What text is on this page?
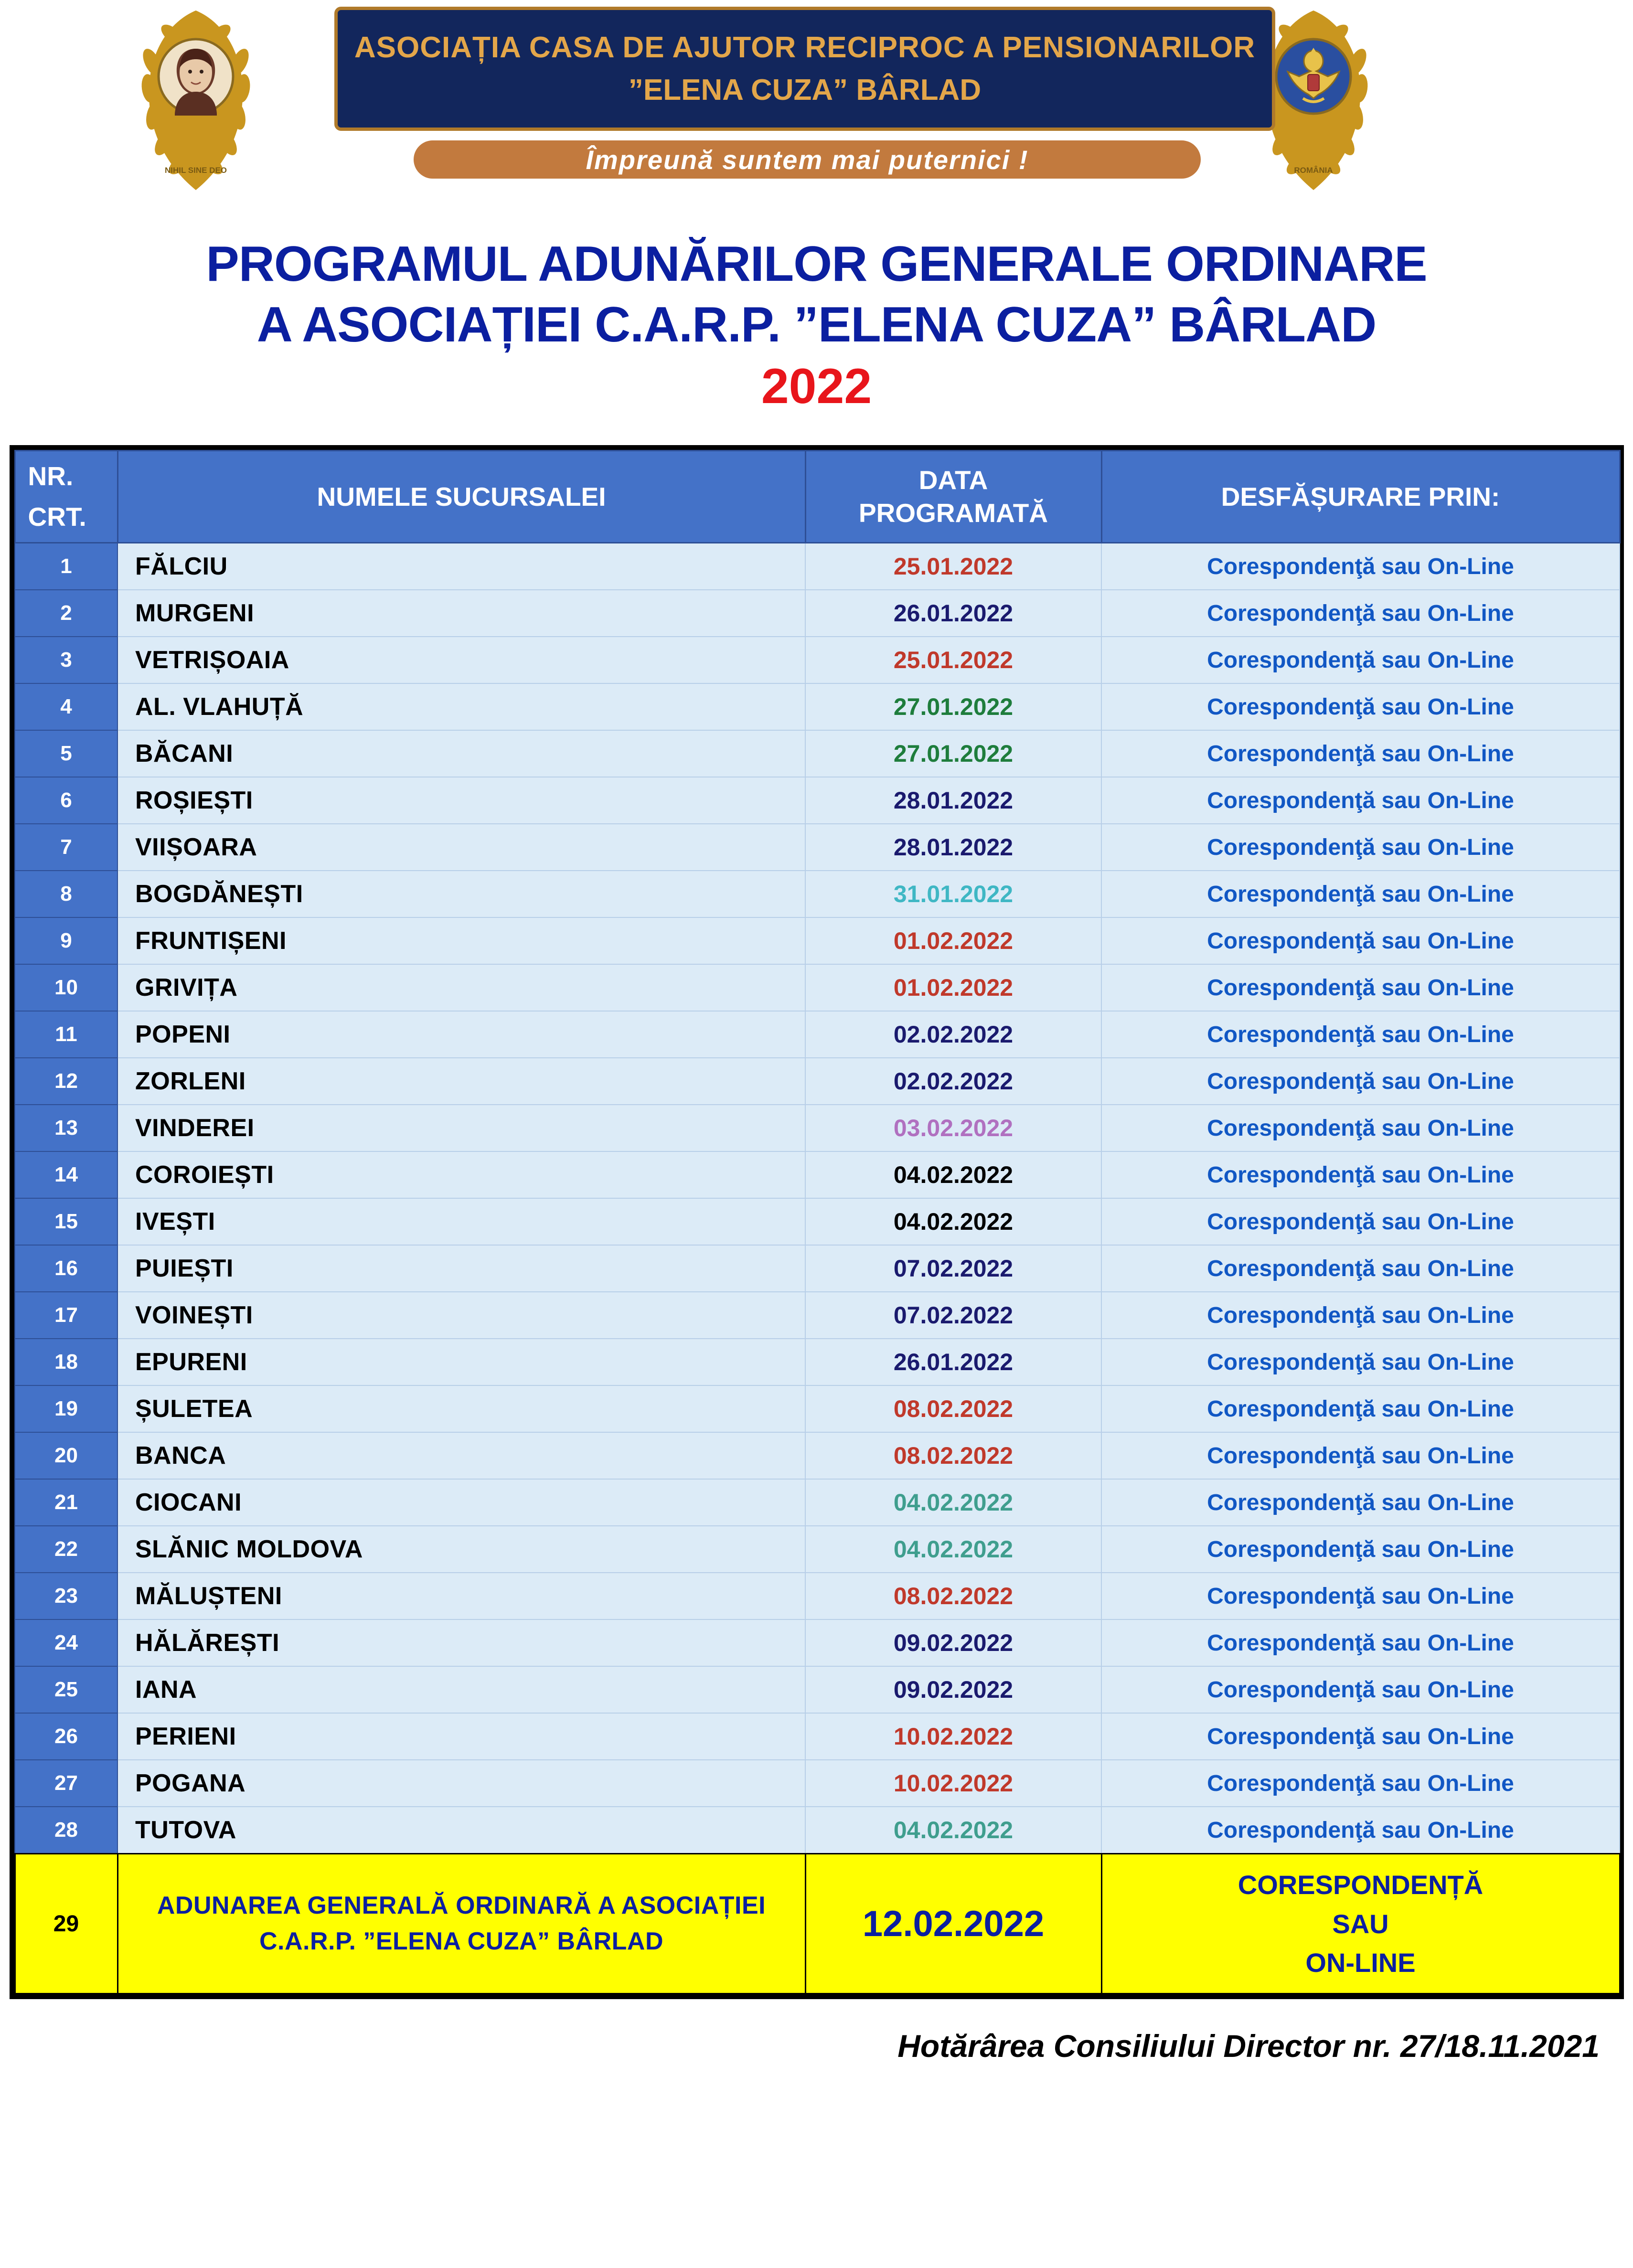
NIHIL SINE DEO	ROMÂNIA
ASOCIAȚIA CASA DE AJUTOR RECIPROC A PENSIONARILOR
”ELENA CUZA” BÂRLAD
Împreună suntem mai puternici !
PROGRAMUL ADUNĂRILOR GENERALE ORDINARE
A ASOCIAȚIEI C.A.R.P. ”ELENA CUZA” BÂRLAD
2022
NR.
CRT.
	NUMELE SUCURSALEI	
DATA
PROGRAMATĂ
	DESFĂȘURARE PRIN:
1	FĂLCIU	25.01.2022	Corespondenţă sau On-Line
2	MURGENI	26.01.2022	Corespondenţă sau On-Line
3	VETRIȘOAIA	25.01.2022	Corespondenţă sau On-Line
4	AL. VLAHUȚĂ	27.01.2022	Corespondenţă sau On-Line
5	BĂCANI	27.01.2022	Corespondenţă sau On-Line
6	ROȘIEȘTI	28.01.2022	Corespondenţă sau On-Line
7	VIIȘOARA	28.01.2022	Corespondenţă sau On-Line
8	BOGDĂNEȘTI	31.01.2022	Corespondenţă sau On-Line
9	FRUNTIȘENI	01.02.2022	Corespondenţă sau On-Line
10	GRIVIȚA	01.02.2022	Corespondenţă sau On-Line
11	POPENI	02.02.2022	Corespondenţă sau On-Line
12	ZORLENI	02.02.2022	Corespondenţă sau On-Line
13	VINDEREI	03.02.2022	Corespondenţă sau On-Line
14	COROIEȘTI	04.02.2022	Corespondenţă sau On-Line
15	IVEȘTI	04.02.2022	Corespondenţă sau On-Line
16	PUIEȘTI	07.02.2022	Corespondenţă sau On-Line
17	VOINEȘTI	07.02.2022	Corespondenţă sau On-Line
18	EPURENI	26.01.2022	Corespondenţă sau On-Line
19	ȘULETEA	08.02.2022	Corespondenţă sau On-Line
20	BANCA	08.02.2022	Corespondenţă sau On-Line
21	CIOCANI	04.02.2022	Corespondenţă sau On-Line
22	SLĂNIC MOLDOVA	04.02.2022	Corespondenţă sau On-Line
23	MĂLUȘTENI	08.02.2022	Corespondenţă sau On-Line
24	HĂLĂREȘTI	09.02.2022	Corespondenţă sau On-Line
25	IANA	09.02.2022	Corespondenţă sau On-Line
26	PERIENI	10.02.2022	Corespondenţă sau On-Line
27	POGANA	10.02.2022	Corespondenţă sau On-Line
28	TUTOVA	04.02.2022	Corespondenţă sau On-Line
29	ADUNAREA GENERALĂ ORDINARĂ A ASOCIAȚIEI C.A.R.P. ”ELENA CUZA” BÂRLAD	12.02.2022	CORESPONDENȚĂ
SAU
ON-LINE
Hotărârea Consiliului Director nr. 27/18.11.2021
